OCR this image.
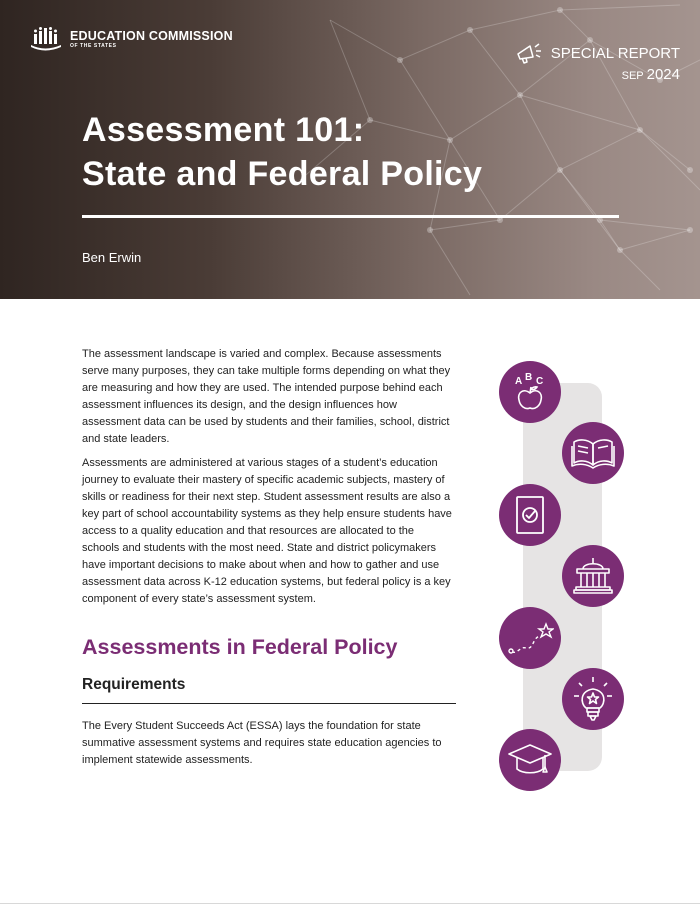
EDUCATION COMMISSION
OF THE STATES	SPECIAL REPORT
SEP 2024
Assessment 101:
State and Federal Policy
Ben Erwin

The assessment landscape is varied and complex. Because assessments serve many purposes, they can take multiple forms depending on what they are measuring and how they are used. The intended purpose behind each assessment influences its design, and the design influences how assessment data can be used by students and their families, school, district and state leaders.

Assessments are administered at various stages of a student’s education journey to evaluate their mastery of specific academic subjects, mastery of skills or readiness for their next step. Student assessment results are also a key part of school accountability systems as they help ensure students have access to a quality education and that resources are allocated to the schools and students with the most need. State and district policymakers have important decisions to make about when and how to gather and use assessment data across K-12 education systems, but federal policy is a key component of every state’s assessment system.

Assessments in Federal Policy
Requirements

The Every Student Succeeds Act (ESSA) lays the foundation for state summative assessment systems and requires state education agencies to implement statewide assessments.

A B C
